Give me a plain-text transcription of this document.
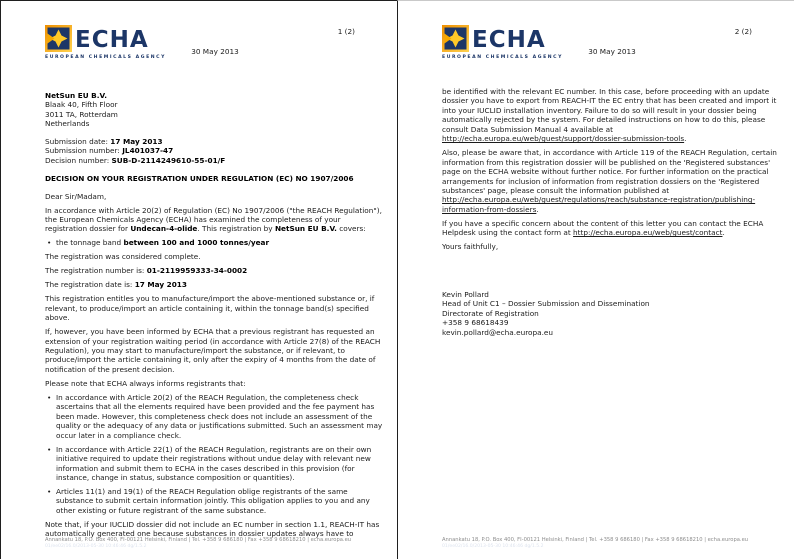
ECHA
EUROPEAN CHEMICALS AGENCY
1 (2)
30 May 2013
NetSun EU B.V.
Blaak 40, Fifth Floor
3011 TA, Rotterdam
Netherlands
Submission date: 17 May 2013
Submission number: JL401037-47
Decision number: SUB-D-2114249610-55-01/F

DECISION ON YOUR REGISTRATION UNDER REGULATION (EC) NO 1907/2006

Dear Sir/Madam,

In accordance with Article 20(2) of Regulation (EC) No 1907/2006 ("the REACH Regulation"), the European Chemicals Agency (ECHA) has examined the completeness of your registration dossier for Undecan-4-olide. This registration by NetSun EU B.V. covers:

• the tonnage band between 100 and 1000 tonnes/year

The registration was considered complete.

The registration number is: 01-2119959333-34-0002

The registration date is: 17 May 2013

This registration entitles you to manufacture/import the above-mentioned substance or, if relevant, to produce/import an article containing it, within the tonnage band(s) specified above.

If, however, you have been informed by ECHA that a previous registrant has requested an extension of your registration waiting period (in accordance with Article 27(8) of the REACH Regulation), you may start to manufacture/import the substance, or if relevant, to produce/import the article containing it, only after the expiry of 4 months from the date of notification of the present decision.

Please note that ECHA always informs registrants that:

• In accordance with Article 20(2) of the REACH Regulation, the completeness check ascertains that all the elements required have been provided and the fee payment has been made. However, this completeness check does not include an assessment of the quality or the adequacy of any data or justifications submitted. Such an assessment may occur later in a compliance check.
• In accordance with Article 22(1) of the REACH Regulation, registrants are on their own initiative required to update their registrations without undue delay with relevant new information and submit them to ECHA in the cases described in this provision (for instance, change in status, substance composition or quantities).
• Articles 11(1) and 19(1) of the REACH Regulation oblige registrants of the same substance to submit certain information jointly. This obligation applies to you and any other existing or future registrant of the same substance.

Note that, if your IUCLID dossier did not include an EC number in section 1.1, REACH-IT has automatically generated one because substances in dossier updates always have to

Annankatu 18, P.O. Box 400, FI-00121 Helsinki, Finland | Tel. +358 9 686180 | Fax +358 9 68618210 | echa.europa.eu
01/ee02/16.0/2013-05-30 10:46:46 dg/1.5.2
ECHA
EUROPEAN CHEMICALS AGENCY
2 (2)
30 May 2013

be identified with the relevant EC number. In this case, before proceeding with an update dossier you have to export from REACH-IT the EC entry that has been created and import it into your IUCLID installation inventory. Failure to do so will result in your dossier being automatically rejected by the system. For detailed instructions on how to do this, please consult Data Submission Manual 4 available at http://echa.europa.eu/web/guest/support/dossier-submission-tools.

Also, please be aware that, in accordance with Article 119 of the REACH Regulation, certain information from this registration dossier will be published on the 'Registered substances' page on the ECHA website without further notice. For further information on the practical arrangements for inclusion of information from registration dossiers on the 'Registered substances' page, please consult the information published at http://echa.europa.eu/web/guest/regulations/reach/substance-registration/publishing-information-from-dossiers.

If you have a specific concern about the content of this letter you can contact the ECHA Helpdesk using the contact form at http://echa.europa.eu/web/guest/contact.

Yours faithfully,

Kevin Pollard
Head of Unit C1 – Dossier Submission and Dissemination
Directorate of Registration
+358 9 68618439
kevin.pollard@echa.europa.eu
Annankatu 18, P.O. Box 400, FI-00121 Helsinki, Finland | Tel. +358 9 686180 | Fax +358 9 68618210 | echa.europa.eu
01/ee02/16.0/2013-05-30 10:46:46 dg/1.5.2
